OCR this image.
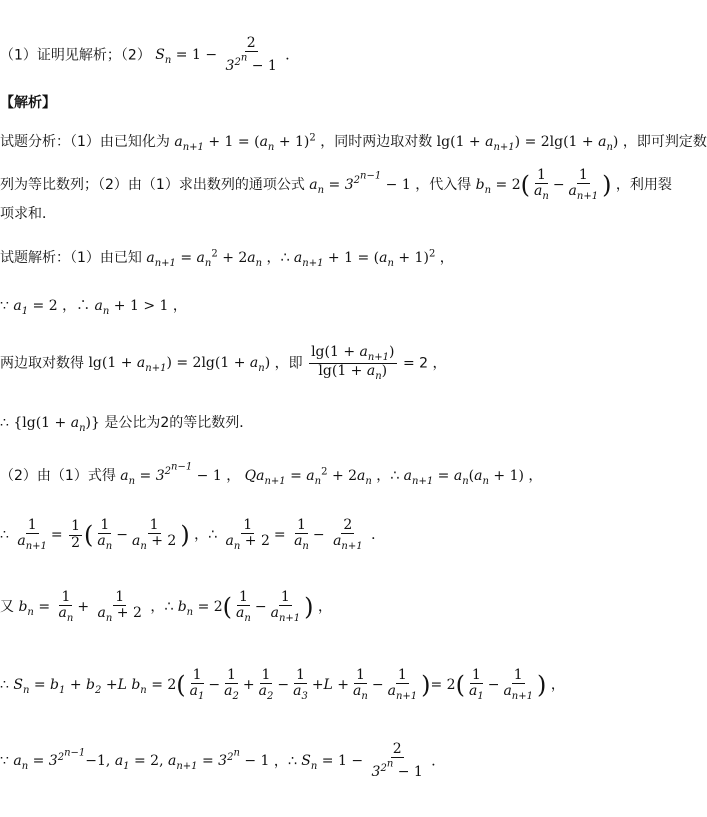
（1）证明见解析；（2） $S_n = 1 - \frac{2}{3^{2^n} - 1}$ ．
【解析】
试题分析：（1）由已知化为 $a_{n+1} + 1 = (a_n + 1)^2$ ，同时两边取对数 $\lg(1 + a_{n+1}) = 2\lg(1 + a_n)$ ，即可判定数
列为等比数列；（2）由（1）求出数列的通项公式 $a_n = 3^{2^{n-1}} - 1$ ，代入得 $b_n = 2( \frac{1}{a_n} - \frac{1}{a_{n+1}}$ ) ，利用裂
项求和．
试题解析：（1）由已知 $a_{n+1} = a_n^2 + 2a_n$ ，∴ $a_{n+1} + 1 = (a_n + 1)^2$ ，
∵ $a_1 = 2$ ，∴ $a_n + 1 > 1$ ，
两边取对数得 $\lg(1 + a_{n+1}) = 2\lg(1 + a_n)$ ，即 $\frac{\lg(1 + a_{n+1})}{\lg(1 + a_n)} = 2$ ，
∴ $\{\lg(1 + a_n)\}$ 是公比为2的等比数列．
（2）由（1）式得 $a_n = 3^{2^{n-1}} - 1$ ， $Qa_{n+1} = a_n^2 + 2a_n$ ，∴ $a_{n+1} = a_n(a_n + 1)$ ，
∴ $\frac{1}{a_{n+1}} = \frac{1}{2}$ ( $\frac{1}{a_n} - \frac{1}{a_n + 2}$ ) ，∴ $\frac{1}{a_n + 2} = \frac{1}{a_n} - \frac{2}{a_{n+1}}$ ．
又 $b_n = \frac{1}{a_n} + \frac{1}{a_n + 2}$ ，∴ $b_n = 2( \frac{1}{a_n} - \frac{1}{a_{n+1}}$ ) ，
∴ $S_n = b_1 + b_2 +L$ $b_n = 2( \frac{1}{a_1} - \frac{1}{a_2} + \frac{1}{a_2} - \frac{1}{a_3} +L + \frac{1}{a_n} - \frac{1}{a_{n+1}}$ )= $2( \frac{1}{a_1} - \frac{1}{a_{n+1}}$ ) ，
∵ $a_n = 3^{2^{n-1}}-1$, $a_1 = 2$, $a_{n+1} = 3^{2^n} - 1$ ，∴ $S_n = 1 - \frac{2}{3^{2^n} - 1}$ ．
